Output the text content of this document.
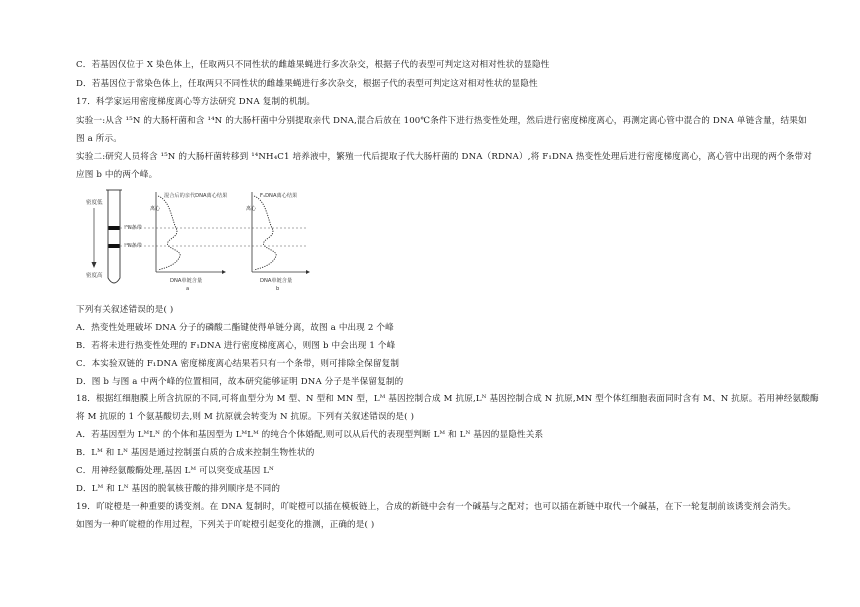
C．若基因仅位于 X 染色体上，任取两只不同性状的雌雄果蝇进行多次杂交，根据子代的表型可判定这对相对性状的显隐性
D．若基因位于常染色体上，任取两只不同性状的雌雄果蝇进行多次杂交，根据子代的表型可判定这对相对性状的显隐性
17．科学家运用密度梯度离心等方法研究 DNA 复制的机制。
实验一:从含 ¹⁵N 的大肠杆菌和含 ¹⁴N 的大肠杆菌中分别提取亲代 DNA,混合后放在 100℃条件下进行热变性处理，然后进行密度梯度离心，再测定离心管中混合的 DNA 单链含量，结果如
图 a 所示。
实验二:研究人员将含 ¹⁵N 的大肠杆菌转移到 ¹⁴NH₄C1 培养液中，繁殖一代后提取子代大肠杆菌的 DNA（RDNA）,将 F₁DNA 热变性处理后进行密度梯度离心，离心管中出现的两个条带对
应图 b 中的两个峰。
密度低
密度高
¹⁵N条带
¹⁴N条带
离心
混合后的亲代DNA离心结果
DNA单链含量
a
离心
F₁DNA离心结果
DNA单链含量
b
下列有关叙述错误的是( )
A．热变性处理破坏 DNA 分子的磷酸二酯键使得单链分离，故图 a 中出现 2 个峰
B．若将未进行热变性处理的 F₁DNA 进行密度梯度离心，则图 b 中会出现 1 个峰
C．本实验双链的 F₁DNA 密度梯度离心结果若只有一个条带，则可排除全保留复制
D．图 b 与图 a 中两个峰的位置相同，故本研究能够证明 DNA 分子是半保留复制的
18．根据红细胞膜上所含抗原的不同,可将血型分为 M 型、N 型和 MN 型，Lᴹ 基因控制合成 M 抗原,Lᴺ 基因控制合成 N 抗原,MN 型个体红细胞表面同时含有 M、N 抗原。若用神经氨酸酶
将 M 抗原的 1 个氨基酸切去,则 M 抗原就会转变为 N 抗原。下列有关叙述错误的是( )
A．若基因型为 LᴹLᴺ 的个体和基因型为 LᴹLᴹ 的纯合个体婚配,则可以从后代的表现型判断 Lᴹ 和 Lᴺ 基因的显隐性关系
B．Lᴹ 和 Lᴺ 基因是通过控制蛋白质的合成来控制生物性状的
C．用神经氨酸酶处理,基因 Lᴹ 可以突变成基因 Lᴺ
D．Lᴹ 和 Lᴺ 基因的脱氧核苷酸的排列顺序是不同的
19．吖啶橙是一种重要的诱变剂。在 DNA 复制时，吖啶橙可以插在模板链上，合成的新链中会有一个碱基与之配对；也可以插在新链中取代一个碱基，在下一轮复制前该诱变剂会消失。
如图为一种吖啶橙的作用过程，下列关于吖啶橙引起变化的推测，正确的是( )
